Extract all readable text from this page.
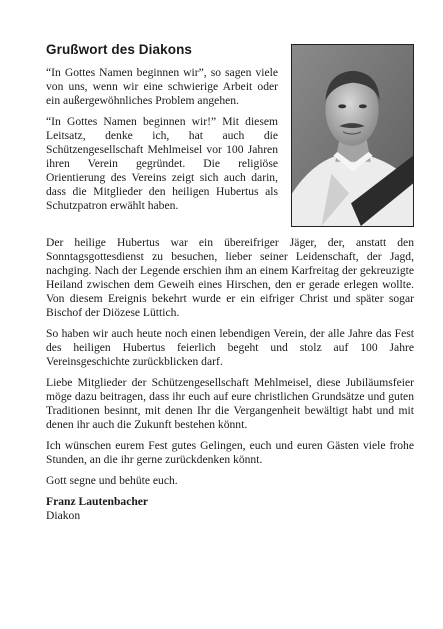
Grußwort des Diakons

“In Gottes Namen beginnen wir”, so sagen viele von uns, wenn wir eine schwierige Arbeit oder ein außergewöhnliches Problem angehen.

“In Gottes Namen beginnen wir!” Mit diesem Leitsatz, denke ich, hat auch die Schützengesellschaft Mehlmeisel vor 100 Jahren ihren Verein gegründet. Die religiöse Orientierung des Vereins zeigt sich auch darin, dass die Mitglieder den heiligen Hubertus als Schutzpatron erwählt haben.

Der heilige Hubertus war ein übereifriger Jäger, der, anstatt den Sonntagsgottesdienst zu besuchen, lieber seiner Leidenschaft, der Jagd, nachging. Nach der Legende erschien ihm an einem Karfreitag der gekreuzigte Heiland zwischen dem Geweih eines Hirschen, den er gerade erlegen wollte. Von diesem Ereignis bekehrt wurde er ein eifriger Christ und später sogar Bischof der Diözese Lüttich.

So haben wir auch heute noch einen lebendigen Verein, der alle Jahre das Fest des heiligen Hubertus feierlich begeht und stolz auf 100 Jahre Vereinsgeschichte zurückblicken darf.

Liebe Mitglieder der Schützengesellschaft Mehlmeisel, diese Jubiläumsfeier möge dazu beitragen, dass ihr euch auf eure christlichen Grundsätze und guten Traditionen besinnt, mit denen Ihr die Vergangenheit bewältigt habt und mit denen ihr auch die Zukunft bestehen könnt.

Ich wünschen eurem Fest gutes Gelingen, euch und euren Gästen viele frohe Stunden, an die ihr gerne zurückdenken könnt.

Gott segne und behüte euch.

Franz Lautenbacher

Diakon
